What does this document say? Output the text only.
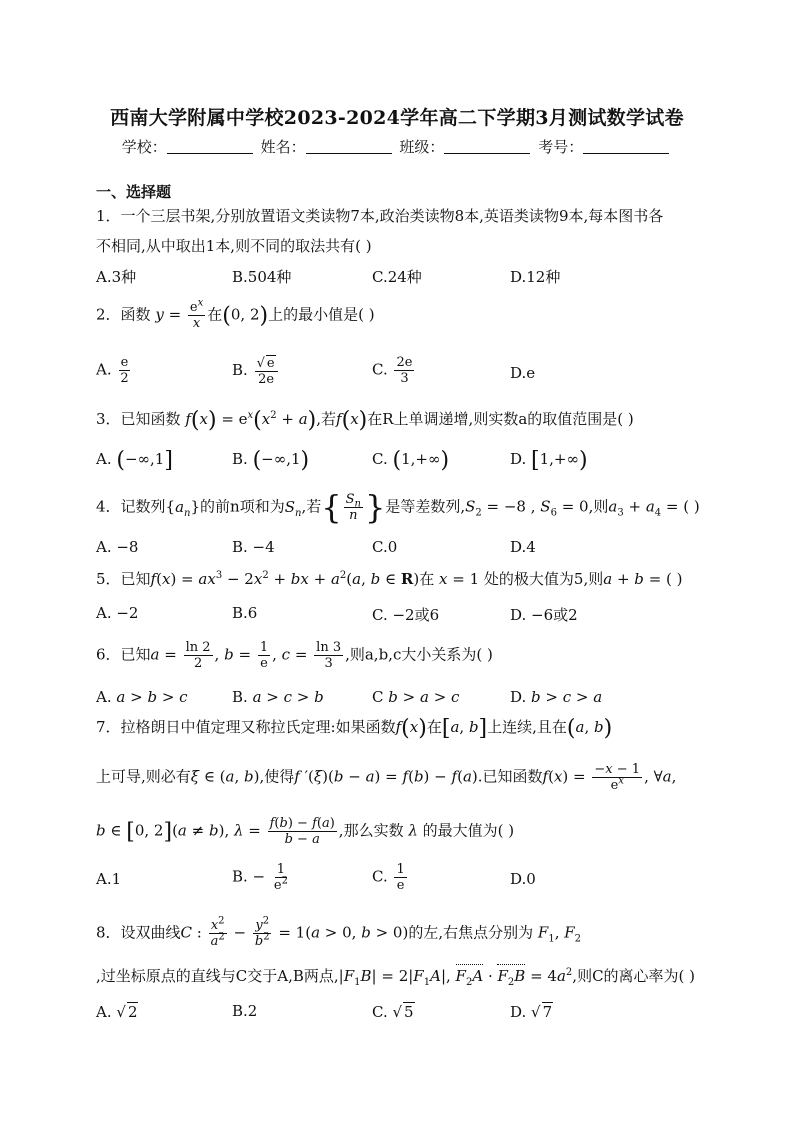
西南大学附属中学校2023-2024学年高二下学期3月测试数学试卷
学校：	姓名：	班级：	考号：
一、选择题
1．一个三层书架,分别放置语文类读物7本,政治类读物8本,英语类读物9本,每本图书各
不相同,从中取出1本,则不同的取法共有( )
A.3种	B.504种	C.24种	D.12种
2．函数 $y = \frac{e^x}{x}$ 在(0, 2)上的最小值是( )
A. $\frac{e}{2}$	B. $\frac{√ e}{2e}$	C. $\frac{2e}{3}$	D.e
3．已知函数 $f(x) = e^x(x^2 + a)$,若f(x)在R上单调递增,则实数a的取值范围是( )
A. (−∞,1]	B. (−∞,1)	C. (1,+∞)	D. [1,+∞)
4．记数列$\{a_n\}$的前n项和为$S_n$,若{ $\frac{S_n}{n}$ }是等差数列$,S_2 = -8$ , $S_6 = 0$,则$a_3 + a_4$ = ( )
A. −8	B. −4	C.0	D.4
5．已知$f(x) = ax^3 - 2x^2$ + bx + $a^2(a$, b ∈ R)在 x = 1 处的极大值为5,则a + b = ( )
A. −2	B.6	C. −2或6	D. −6或2
6．已知$a = \frac{\ln 2}{2}$ , $b = \frac{1}{e}$ , $c = \frac{\ln 3}{3}$ ,则a,b,c大小关系为( )
A. a > b > c	B. a > c > b	C b > a > c	D. b > c > a
7．拉格朗日中值定理又称拉氏定理:如果函数f(x)在[a, b]上连续,且在(a, b)
上可导,则必有ξ ∈ (a, b),使得f ′(ξ)(b − a) = f(b) − f(a).已知函数$f(x) = \frac{-x - 1}{e^x}$ , ∀a,
b ∈ [0, 2](a ≠ b), $\lambda = \frac{f(b) - f(a)}{b - a}$ ,那么实数 λ 的最大值为( )
A.1	B. − $\frac{1}{e^2}$	C. $\frac{1}{e}$	D.0
8．设双曲线C : $\frac{x^2}{a^2} - \frac{y^2}{b^2} = 1(a > 0$, b > 0)的左,右焦点分别为 $F_1$, $F_2$
,过坐标原点的直线与C交于A,B两点$,|F_1B| = 2|F_1A|$, $F_2A \cdot F_2B = 4a^2$,则C的离心率为( )
A. √ 2	B.2	C. √ 5	D. √ 7
